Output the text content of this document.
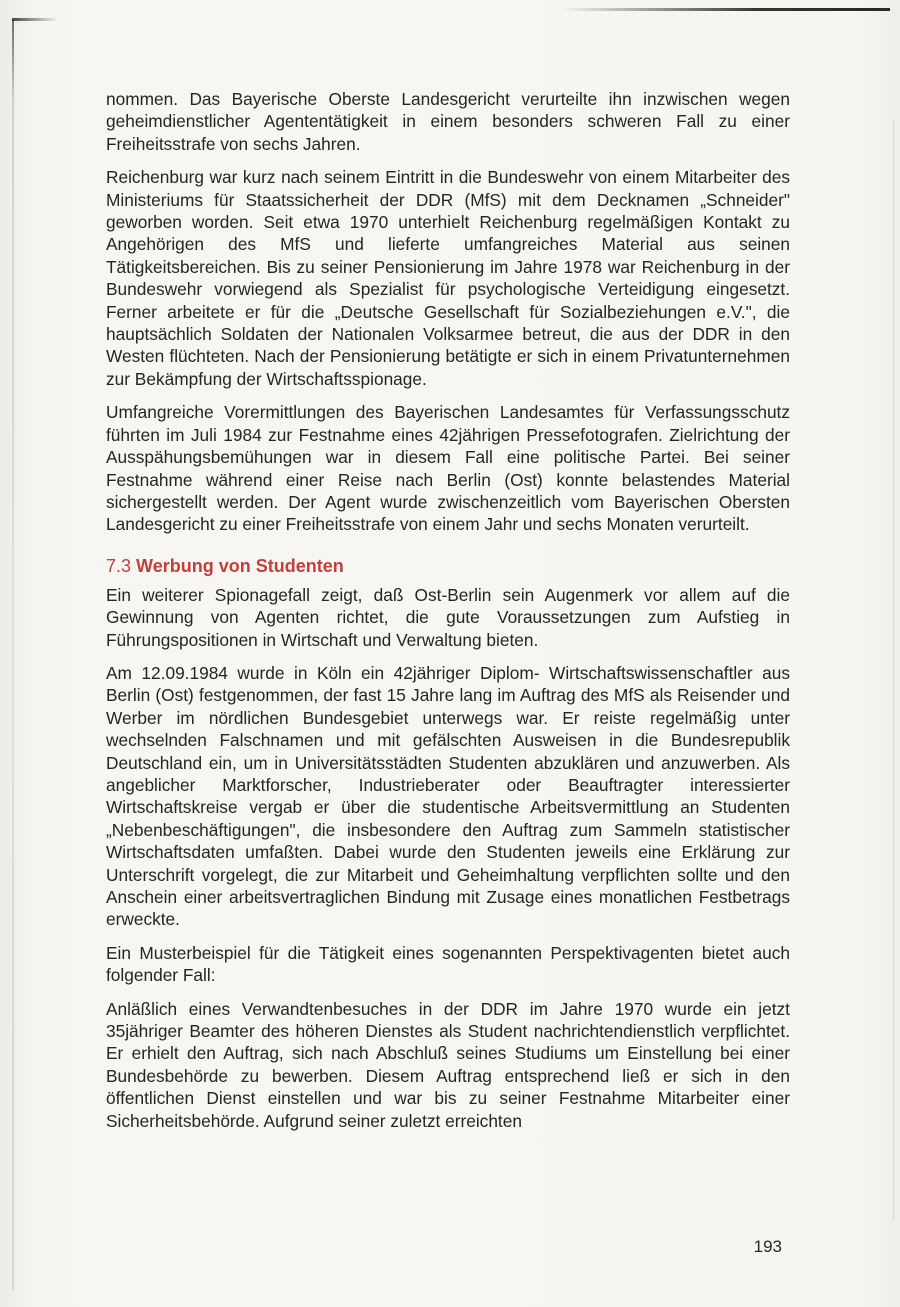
nommen. Das Bayerische Oberste Landesgericht verurteilte ihn inzwischen wegen geheimdienstlicher Agententätigkeit in einem besonders schweren Fall zu einer Freiheitsstrafe von sechs Jahren.

Reichenburg war kurz nach seinem Eintritt in die Bundeswehr von einem Mitarbeiter des Ministeriums für Staatssicherheit der DDR (MfS) mit dem Decknamen „Schneider" geworben worden. Seit etwa 1970 unterhielt Reichenburg regelmäßigen Kontakt zu Angehörigen des MfS und lieferte umfangreiches Material aus seinen Tätigkeitsbereichen. Bis zu seiner Pensionierung im Jahre 1978 war Reichenburg in der Bundeswehr vorwiegend als Spezialist für psychologische Verteidigung eingesetzt. Ferner arbeitete er für die „Deutsche Gesellschaft für Sozialbeziehungen e.V.", die hauptsächlich Soldaten der Nationalen Volksarmee betreut, die aus der DDR in den Westen flüchteten. Nach der Pensionierung betätigte er sich in einem Privatunternehmen zur Bekämpfung der Wirtschaftsspionage.

Umfangreiche Vorermittlungen des Bayerischen Landesamtes für Verfassungsschutz führten im Juli 1984 zur Festnahme eines 42jährigen Pressefotografen. Zielrichtung der Ausspähungsbemühungen war in diesem Fall eine politische Partei. Bei seiner Festnahme während einer Reise nach Berlin (Ost) konnte belastendes Material sichergestellt werden. Der Agent wurde zwischenzeitlich vom Bayerischen Obersten Landesgericht zu einer Freiheitsstrafe von einem Jahr und sechs Monaten verurteilt.

7.3 Werbung von Studenten

Ein weiterer Spionagefall zeigt, daß Ost-Berlin sein Augenmerk vor allem auf die Gewinnung von Agenten richtet, die gute Voraussetzungen zum Aufstieg in Führungspositionen in Wirtschaft und Verwaltung bieten.

Am 12.09.1984 wurde in Köln ein 42jähriger Diplom- Wirtschaftswissenschaftler aus Berlin (Ost) festgenommen, der fast 15 Jahre lang im Auftrag des MfS als Reisender und Werber im nördlichen Bundesgebiet unterwegs war. Er reiste regelmäßig unter wechselnden Falschnamen und mit gefälschten Ausweisen in die Bundesrepublik Deutschland ein, um in Universitätsstädten Studenten abzuklären und anzuwerben. Als angeblicher Marktforscher, Industrieberater oder Beauftragter interessierter Wirtschaftskreise vergab er über die studentische Arbeitsvermittlung an Studenten „Nebenbeschäftigungen", die insbesondere den Auftrag zum Sammeln statistischer Wirtschaftsdaten umfaßten. Dabei wurde den Studenten jeweils eine Erklärung zur Unterschrift vorgelegt, die zur Mitarbeit und Geheimhaltung verpflichten sollte und den Anschein einer arbeitsvertraglichen Bindung mit Zusage eines monatlichen Festbetrags erweckte.

Ein Musterbeispiel für die Tätigkeit eines sogenannten Perspektivagenten bietet auch folgender Fall:

Anläßlich eines Verwandtenbesuches in der DDR im Jahre 1970 wurde ein jetzt 35jähriger Beamter des höheren Dienstes als Student nachrichtendienstlich verpflichtet. Er erhielt den Auftrag, sich nach Abschluß seines Studiums um Einstellung bei einer Bundesbehörde zu bewerben. Diesem Auftrag entsprechend ließ er sich in den öffentlichen Dienst einstellen und war bis zu seiner Festnahme Mitarbeiter einer Sicherheitsbehörde. Aufgrund seiner zuletzt erreichten

193
